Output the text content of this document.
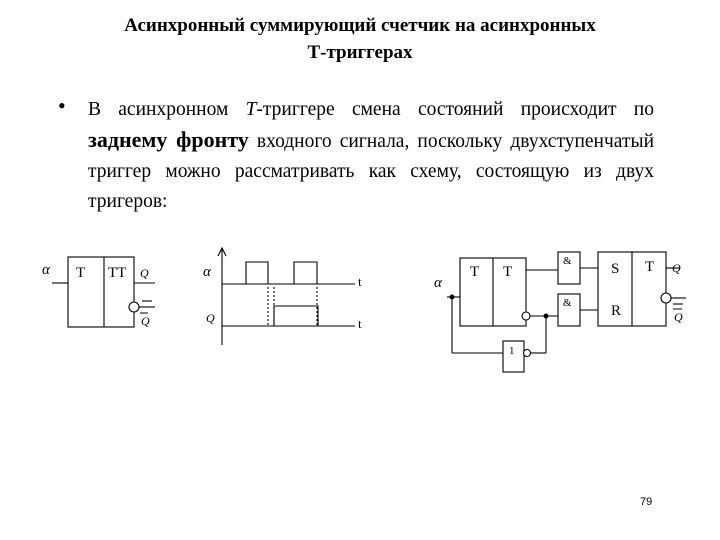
Асинхронный суммирующий счетчик на асинхронных
Т-триггерах
• В асинхронном Т-триггере смена состояний происходит по заднему фронту входного сигнала, поскольку двухступенчатый триггер можно рассматривать как схему, состоящую из двух тригеров:
α T TT Q
Q
α
Q
t
t
α
T T
&
&
S T
R
Q
Q
1
79
